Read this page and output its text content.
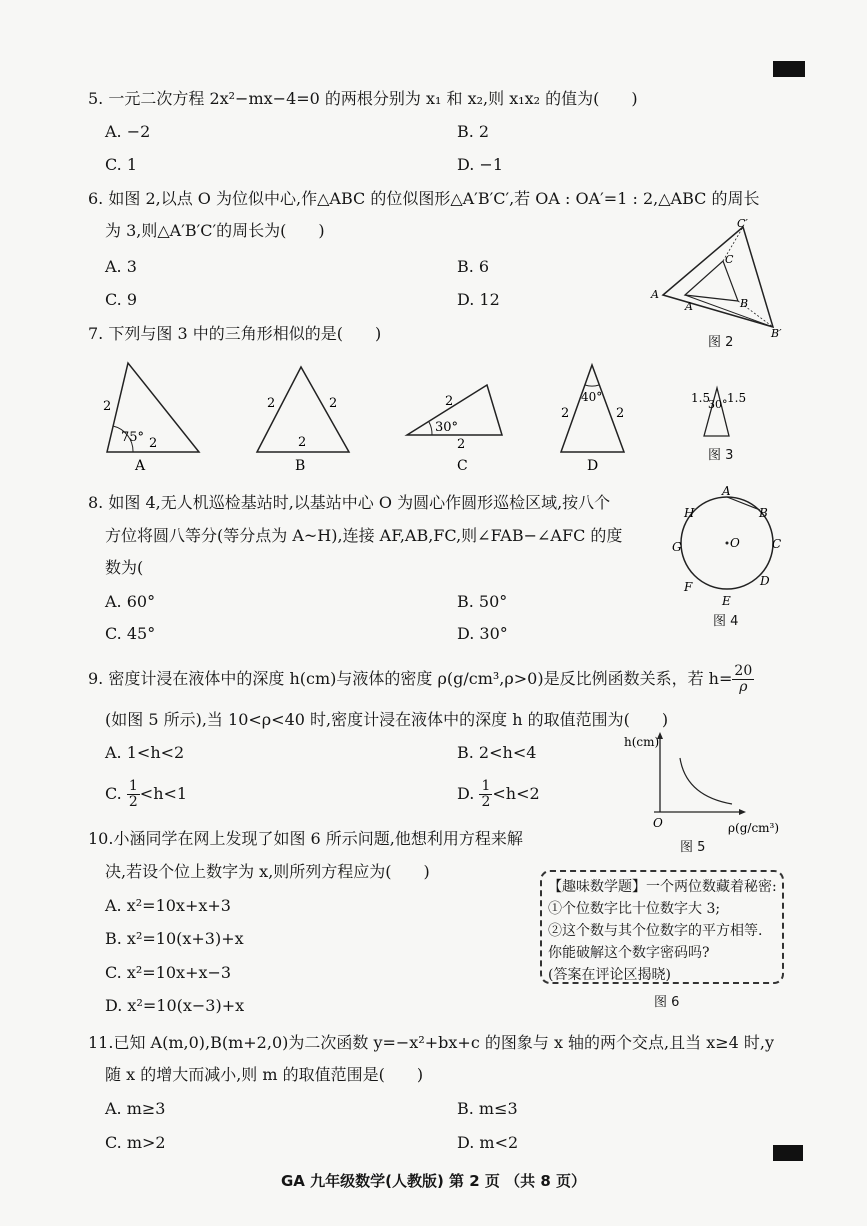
5. 一元二次方程 2x²−mx−4=0 的两根分别为 x₁ 和 x₂,则 x₁x₂ 的值为(　　)
A. −2	B. 2
C. 1	D. −1
6. 如图 2,以点 O 为位似中心,作△ABC 的位似图形△A′B′C′,若 OA : OA′=1 : 2,△ABC 的周长
为 3,则△A′B′C′的周长为(　　)
A. 3	B. 6
C. 9	D. 12
C′
C
A
A	B
B′
图 2
7. 下列与图 3 中的三角形相似的是(　　)
2
2
75°
A
2	2
2
B
2
30°
2
C
40°
2	2
D
1.5
30° 1.5
图 3
8. 如图 4,无人机巡检基站时,以基站中心 O 为圆心作圆形巡检区域,按八个
方位将圆八等分(等分点为 A~H),连接 AF,AB,FC,则∠FAB−∠AFC 的度
数为(
A. 60°	B. 50°
C. 45°	D. 30°
A
B
C
D
E
F
G
H
O
图 4
9. 密度计浸在液体中的深度 h(cm)与液体的密度 ρ(g/cm³,ρ>0)是反比例函数关系，若 $h= \frac{20}{\rho}$
(如图 5 所示),当 10<ρ<40 时,密度计浸在液体中的深度 h 的取值范围为(　　)
A. 1<h<2	B. 2<h<4
C. $\frac{1}{2} <h<1$	D. $\frac{1}{2} <h<2$
h(cm)
O	ρ(g/cm³)
图 5
10.小涵同学在网上发现了如图 6 所示问题,他想利用方程来解
决,若设个位上数字为 x,则所列方程应为(　　)
A. x²=10x+x+3
B. x²=10(x+3)+x
C. x²=10x+x−3
D. x²=10(x−3)+x
【趣味数学题】一个两位数藏着秘密:
①个位数字比十位数字大 3;
②这个数与其个位数字的平方相等.
你能破解这个数字密码吗?
(答案在评论区揭晓)
图 6
11.已知 A(m,0),B(m+2,0)为二次函数 y=−x²+bx+c 的图象与 x 轴的两个交点,且当 x≥4 时,y
随 x 的增大而减小,则 m 的取值范围是(　　)
A. m≥3	B. m≤3
C. m>2	D. m<2
GA 九年级数学(人教版) 第 2 页 （共 8 页）
